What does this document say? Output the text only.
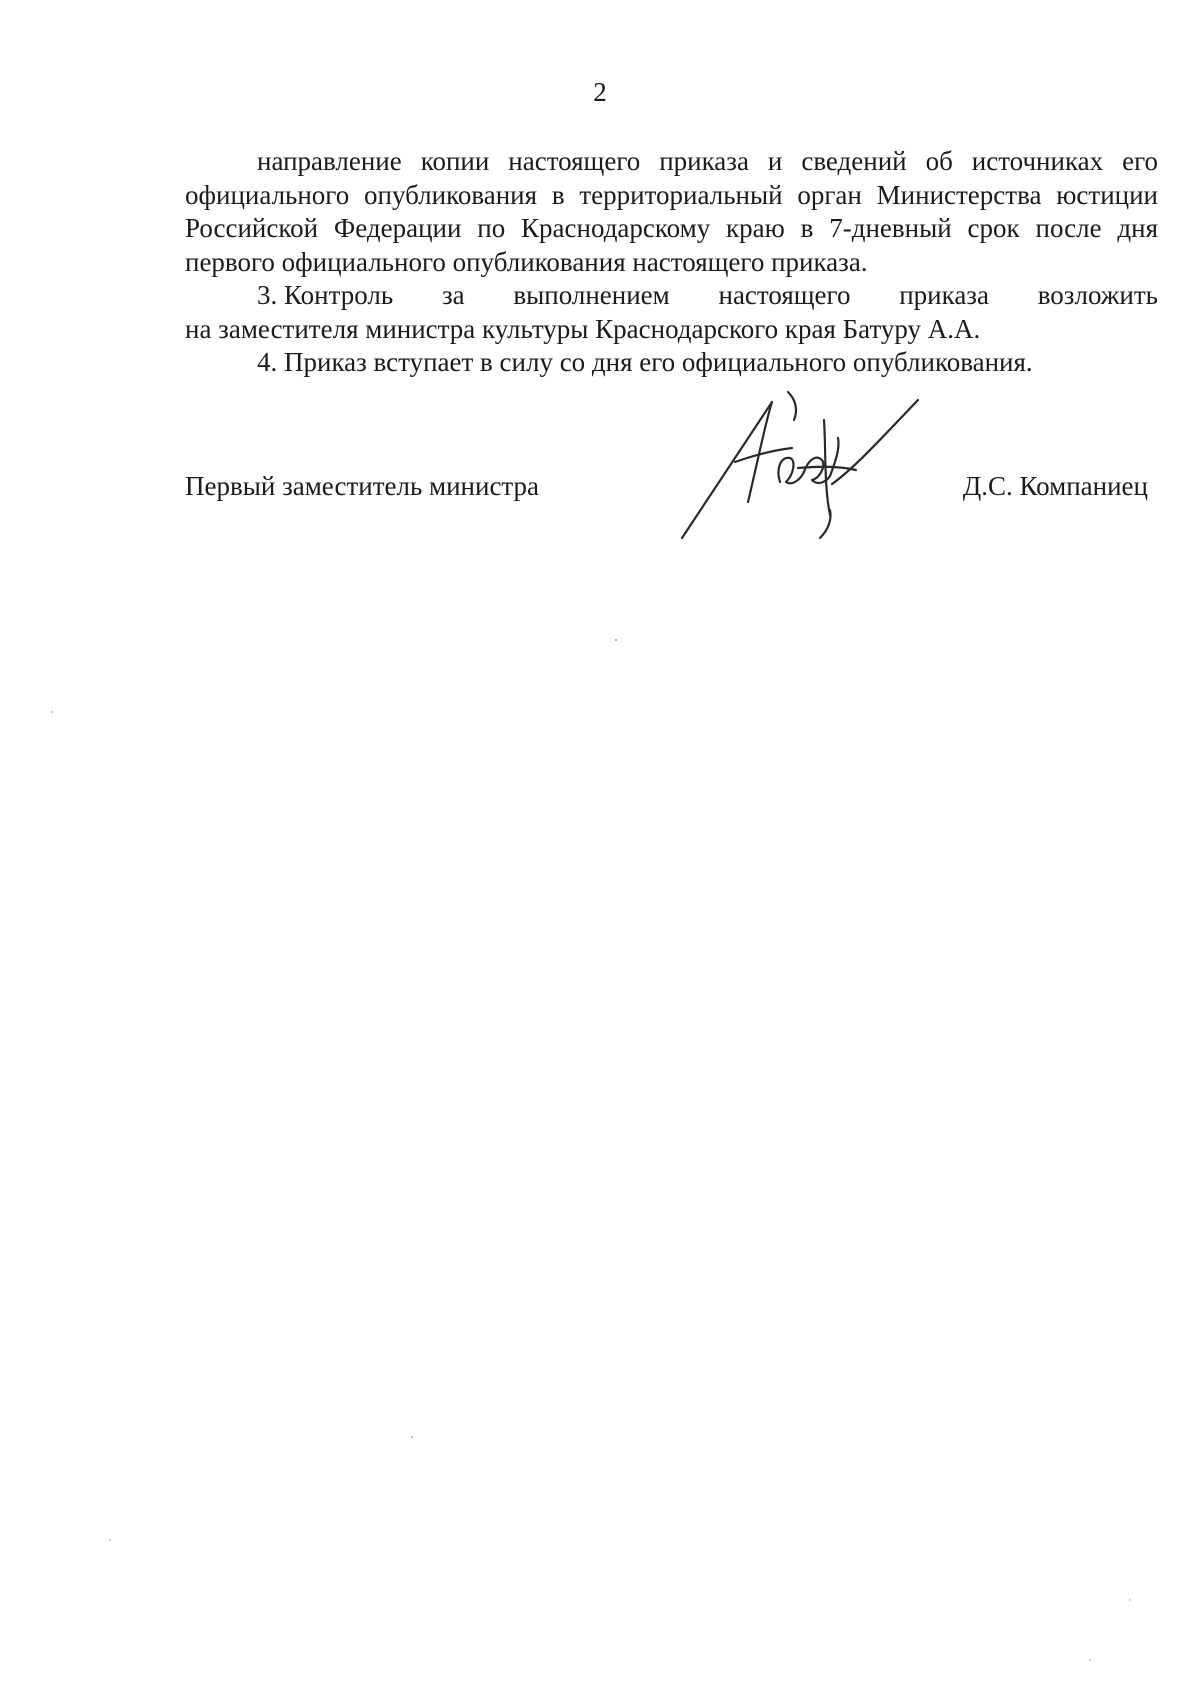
2
направление копии настоящего приказа и сведений об источниках его
официального опубликования в территориальный орган Министерства юстиции
Российской Федерации по Краснодарскому краю в 7-дневный срок после дня
первого официального опубликования настоящего приказа.
3. Контроль за выполнением настоящего приказа возложить
на заместителя министра культуры Краснодарского края Батуру А.А.
4. Приказ вступает в силу со дня его официального опубликования.
Первый заместитель министра	Д.С. Компаниец
